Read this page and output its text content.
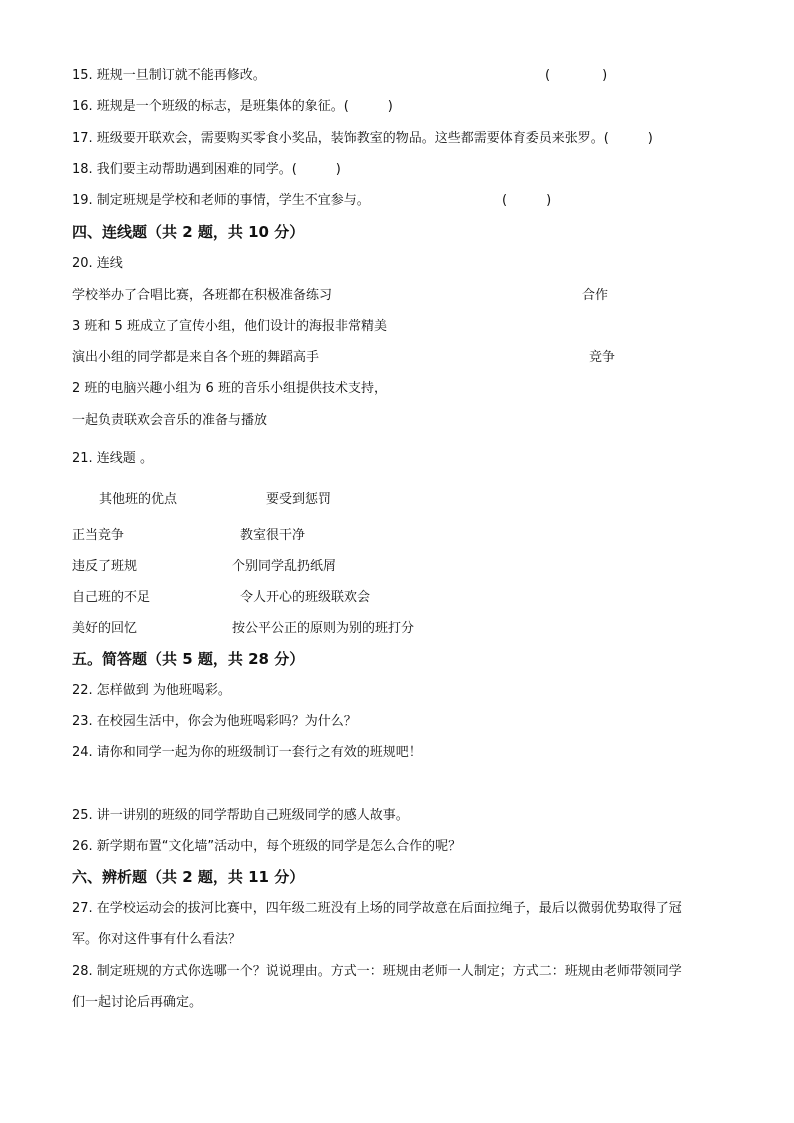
15. 班规一旦制订就不能再修改。	(　　　　)
16. 班规是一个班级的标志，是班集体的象征。(　　　)
17. 班级要开联欢会，需要购买零食小奖品，装饰教室的物品。这些都需要体育委员来张罗。(　　　)
18. 我们要主动帮助遇到困难的同学。(　　　)
19. 制定班规是学校和老师的事情，学生不宜参与。	(　　　)
四、连线题（共 2 题，共 10 分）
20. 连线
学校举办了合唱比赛，各班都在积极准备练习	合作
3 班和 5 班成立了宣传小组，他们设计的海报非常精美
演出小组的同学都是来自各个班的舞蹈高手	竞争
2 班的电脑兴趣小组为 6 班的音乐小组提供技术支持，
一起负责联欢会音乐的准备与播放
21. 连线题 。
其他班的优点	要受到惩罚
正当竞争	教室很干净
违反了班规	个别同学乱扔纸屑
自己班的不足	令人开心的班级联欢会
美好的回忆	按公平公正的原则为别的班打分
五。简答题（共 5 题，共 28 分）
22. 怎样做到 为他班喝彩。
23. 在校园生活中，你会为他班喝彩吗？为什么？
24. 请你和同学一起为你的班级制订一套行之有效的班规吧！
25. 讲一讲别的班级的同学帮助自己班级同学的感人故事。
26. 新学期布置“文化墙”活动中，每个班级的同学是怎么合作的呢？
六、辨析题（共 2 题，共 11 分）
27. 在学校运动会的拔河比赛中，四年级二班没有上场的同学故意在后面拉绳子，最后以微弱优势取得了冠
军。你对这件事有什么看法？
28. 制定班规的方式你选哪一个？说说理由。方式一：班规由老师一人制定；方式二：班规由老师带领同学
们一起讨论后再确定。
